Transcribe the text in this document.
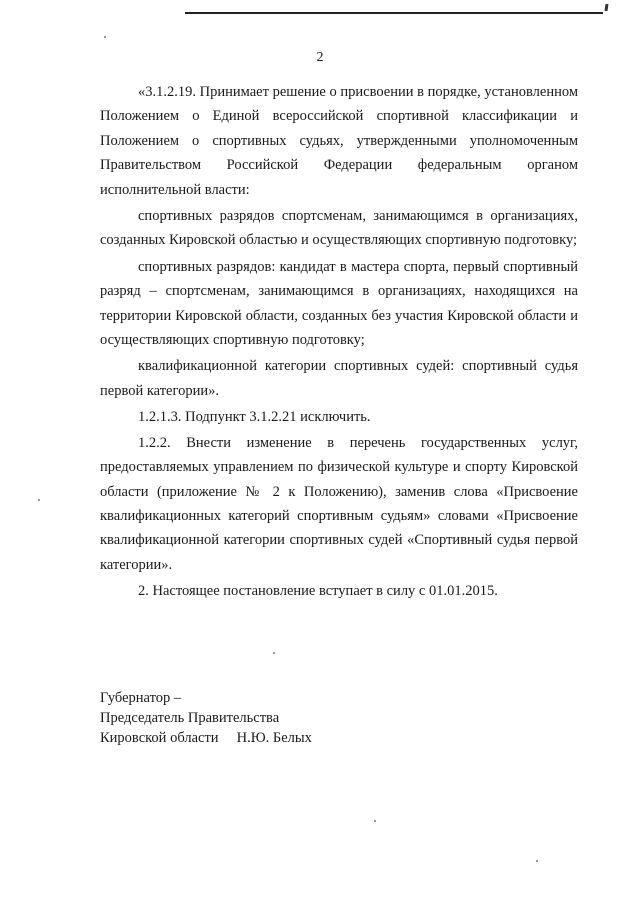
2

«3.1.2.19. Принимает решение о присвоении в порядке, установленном Положением о Единой всероссийской спортивной классификации и Положением о спортивных судьях, утвержденными уполномоченным Правительством Российской Федерации федеральным органом исполнительной власти:

спортивных разрядов спортсменам, занимающимся в организациях, созданных Кировской областью и осуществляющих спортивную подготовку;

спортивных разрядов: кандидат в мастера спорта, первый спортивный разряд – спортсменам, занимающимся в организациях, находящихся на территории Кировской области, созданных без участия Кировской области и осуществляющих спортивную подготовку;

квалификационной категории спортивных судей: спортивный судья первой категории».

1.2.1.3. Подпункт 3.1.2.21 исключить.

1.2.2. Внести изменение в перечень государственных услуг, предоставляемых управлением по физической культуре и спорту Кировской области (приложение № 2 к Положению), заменив слова «Присвоение квалификационных категорий спортивным судьям» словами «Присвоение квалификационной категории спортивных судей «Спортивный судья первой категории».

2. Настоящее постановление вступает в силу с 01.01.2015.

Губернатор –
Председатель Правительства
Кировской области     Н.Ю. Белых
